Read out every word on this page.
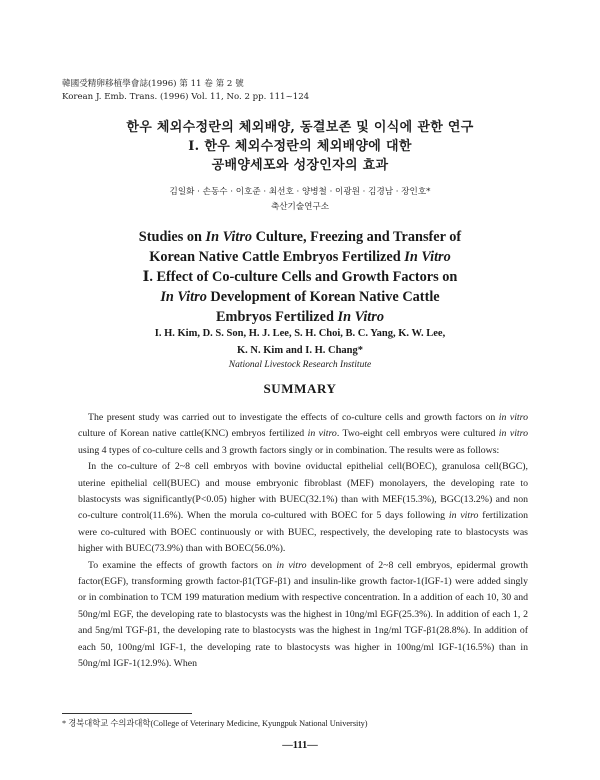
韓國受精卵移植學會誌(1996) 第 11 卷 第 2 號
Korean J. Emb. Trans. (1996) Vol. 11, No. 2 pp. 111~124
한우 체외수정란의 체외배양, 동결보존 및 이식에 관한 연구
Ⅰ. 한우 체외수정란의 체외배양에 대한
공배양세포와 성장인자의 효과
김일화 · 손동수 · 이호준 · 최선호 · 양병철 · 이광원 · 김경남 · 장인호*
축산기술연구소
Studies on In Vitro Culture, Freezing and Transfer of
Korean Native Cattle Embryos Fertilized In Vitro
Ⅰ. Effect of Co-culture Cells and Growth Factors on
In Vitro Development of Korean Native Cattle
Embryos Fertilized In Vitro
I. H. Kim, D. S. Son, H. J. Lee, S. H. Choi, B. C. Yang, K. W. Lee,
K. N. Kim and I. H. Chang*
National Livestock Research Institute
SUMMARY

The present study was carried out to investigate the effects of co-culture cells and growth factors on in vitro culture of Korean native cattle(KNC) embryos fertilized in vitro. Two-eight cell embryos were cultured in vitro using 4 types of co-culture cells and 3 growth factors singly or in combination. The results were as follows:

In the co-culture of 2~8 cell embryos with bovine oviductal epithelial cell(BOEC), granulosa cell(BGC), uterine epithelial cell(BUEC) and mouse embryonic fibroblast (MEF) monolayers, the developing rate to blastocysts was significantly(P<0.05) higher with BUEC(32.1%) than with MEF(15.3%), BGC(13.2%) and non co-culture control(11.6%). When the morula co-cultured with BOEC for 5 days following in vitro fertilization were co-cultured with BOEC continuously or with BUEC, respectively, the developing rate to blastocysts was higher with BUEC(73.9%) than with BOEC(56.0%).

To examine the effects of growth factors on in vitro development of 2~8 cell embryos, epidermal growth factor(EGF), transforming growth factor-β1(TGF-β1) and insulin-like growth factor-1(IGF-1) were added singly or in combination to TCM 199 maturation medium with respective concentration. In a addition of each 10, 30 and 50ng/ml EGF, the developing rate to blastocysts was the highest in 10ng/ml EGF(25.3%). In addition of each 1, 2 and 5ng/ml TGF-β1, the developing rate to blastocysts was the highest in 1ng/ml TGF-β1(28.8%). In addition of each 50, 100ng/ml IGF-1, the developing rate to blastocysts was higher in 100ng/ml IGF-1(16.5%) than in 50ng/ml IGF-1(12.9%). When

* 경북대학교 수의과대학(College of Veterinary Medicine, Kyungpuk National University)
—111—
